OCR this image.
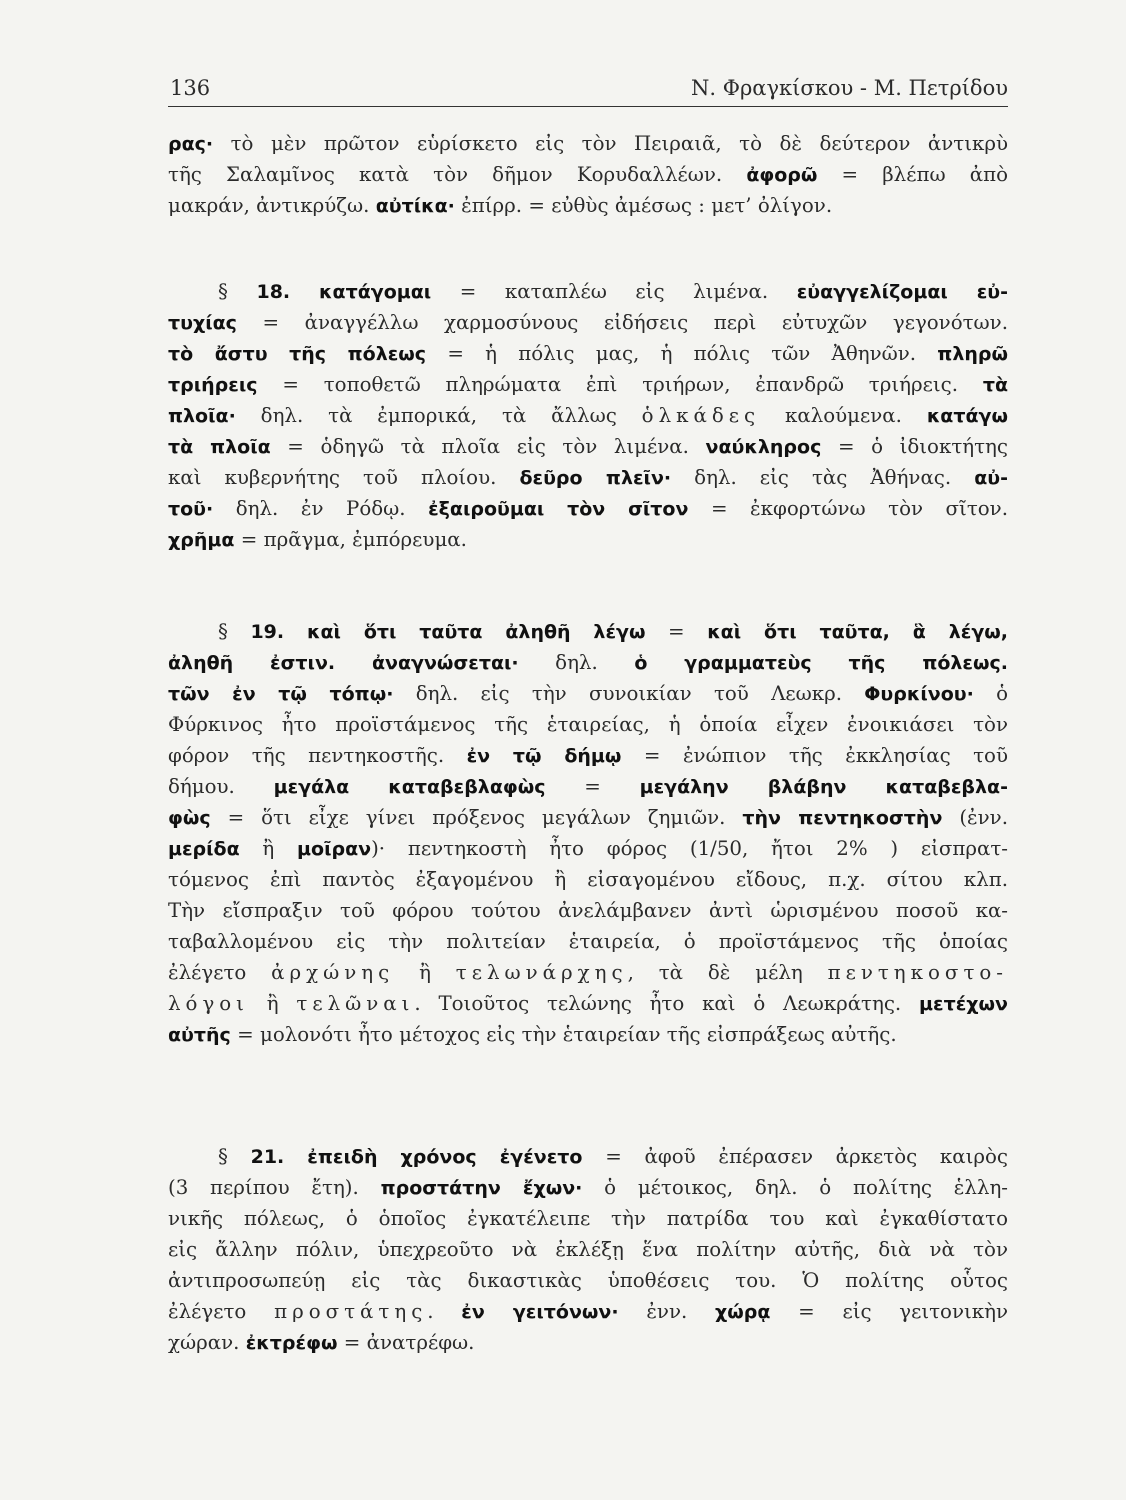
136	Ν. Φραγκίσκου - Μ. Πετρίδου
ρας· τὸ μὲν πρῶτον εὑρίσκετο εἰς τὸν Πειραιᾶ, τὸ δὲ δεύτερον ἀντικρὺ
τῆς Σαλαμῖνος κατὰ τὸν δῆμον Κορυδαλλέων. ἀφορῶ = βλέπω ἀπὸ
μακράν, ἀντικρύζω. αὐτίκα· ἐπίρρ. = εὐθὺς ἀμέσως : μετ’ ὀλίγον.
§ 18. κατάγομαι = καταπλέω εἰς λιμένα. εὐαγγελίζομαι εὐ-
τυχίας = ἀναγγέλλω χαρμοσύνους εἰδήσεις περὶ εὐτυχῶν γεγονότων.
τὸ ἄστυ τῆς πόλεως = ἡ πόλις μας, ἡ πόλις τῶν Ἀθηνῶν. πληρῶ
τριήρεις = τοποθετῶ πληρώματα ἐπὶ τριήρων, ἐπανδρῶ τριήρεις. τὰ
πλοῖα· δηλ. τὰ ἐμπορικά, τὰ ἄλλως ὁλκάδες καλούμενα. κατάγω
τὰ πλοῖα = ὁδηγῶ τὰ πλοῖα εἰς τὸν λιμένα. ναύκληρος = ὁ ἰδιοκτήτης
καὶ κυβερνήτης τοῦ πλοίου. δεῦρο πλεῖν· δηλ. εἰς τὰς Ἀθήνας. αὐ-
τοῦ· δηλ. ἐν Ρόδῳ. ἐξαιροῦμαι τὸν σῖτον = ἐκφορτώνω τὸν σῖτον.
χρῆμα = πρᾶγμα, ἐμπόρευμα.
§ 19. καὶ ὅτι ταῦτα ἀληθῆ λέγω = καὶ ὅτι ταῦτα, ἃ λέγω,
ἀληθῆ ἐστιν. ἀναγνώσεται· δηλ. ὁ γραμματεὺς τῆς πόλεως.
τῶν ἐν τῷ τόπῳ· δηλ. εἰς τὴν συνοικίαν τοῦ Λεωκρ. Φυρκίνου· ὁ
Φύρκινος ἦτο προϊστάμενος τῆς ἑταιρείας, ἡ ὁποία εἶχεν ἐνοικιάσει τὸν
φόρον τῆς πεντηκοστῆς. ἐν τῷ δήμῳ = ἐνώπιον τῆς ἐκκλησίας τοῦ
δήμου. μεγάλα καταβεβλαφὼς = μεγάλην βλάβην καταβεβλα-
φὼς = ὅτι εἶχε γίνει πρόξενος μεγάλων ζημιῶν. τὴν πεντηκοστὴν (ἐνν.
μερίδα ἢ μοῖραν)· πεντηκοστὴ ἦτο φόρος (1/50, ἤτοι 2% ) εἰσπρατ-
τόμενος ἐπὶ παντὸς ἐξαγομένου ἢ εἰσαγομένου εἴδους, π.χ. σίτου κλπ.
Τὴν εἴσπραξιν τοῦ φόρου τούτου ἀνελάμβανεν ἀντὶ ὡρισμένου ποσοῦ κα-
ταβαλλομένου εἰς τὴν πολιτείαν ἑταιρεία, ὁ προϊστάμενος τῆς ὁποίας
ἐλέγετο ἀρχώνης ἢ τελωνάρχης, τὰ δὲ μέλη πεντηκοστο-
λόγοι ἢ τελῶναι. Τοιοῦτος τελώνης ἦτο καὶ ὁ Λεωκράτης. μετέχων
αὐτῆς = μολονότι ἦτο μέτοχος εἰς τὴν ἑταιρείαν τῆς εἰσπράξεως αὐτῆς.
§ 21. ἐπειδὴ χρόνος ἐγένετο = ἀφοῦ ἐπέρασεν ἀρκετὸς καιρὸς
(3 περίπου ἔτη). προστάτην ἔχων· ὁ μέτοικος, δηλ. ὁ πολίτης ἑλλη-
νικῆς πόλεως, ὁ ὁποῖος ἐγκατέλειπε τὴν πατρίδα του καὶ ἐγκαθίστατο
εἰς ἄλλην πόλιν, ὑπεχρεοῦτο νὰ ἐκλέξῃ ἕνα πολίτην αὐτῆς, διὰ νὰ τὸν
ἀντιπροσωπεύῃ εἰς τὰς δικαστικὰς ὑποθέσεις του. Ὁ πολίτης οὗτος
ἐλέγετο προστάτης. ἐν γειτόνων· ἐνν. χώρᾳ = εἰς γειτονικὴν
χώραν. ἐκτρέφω = ἀνατρέφω.
